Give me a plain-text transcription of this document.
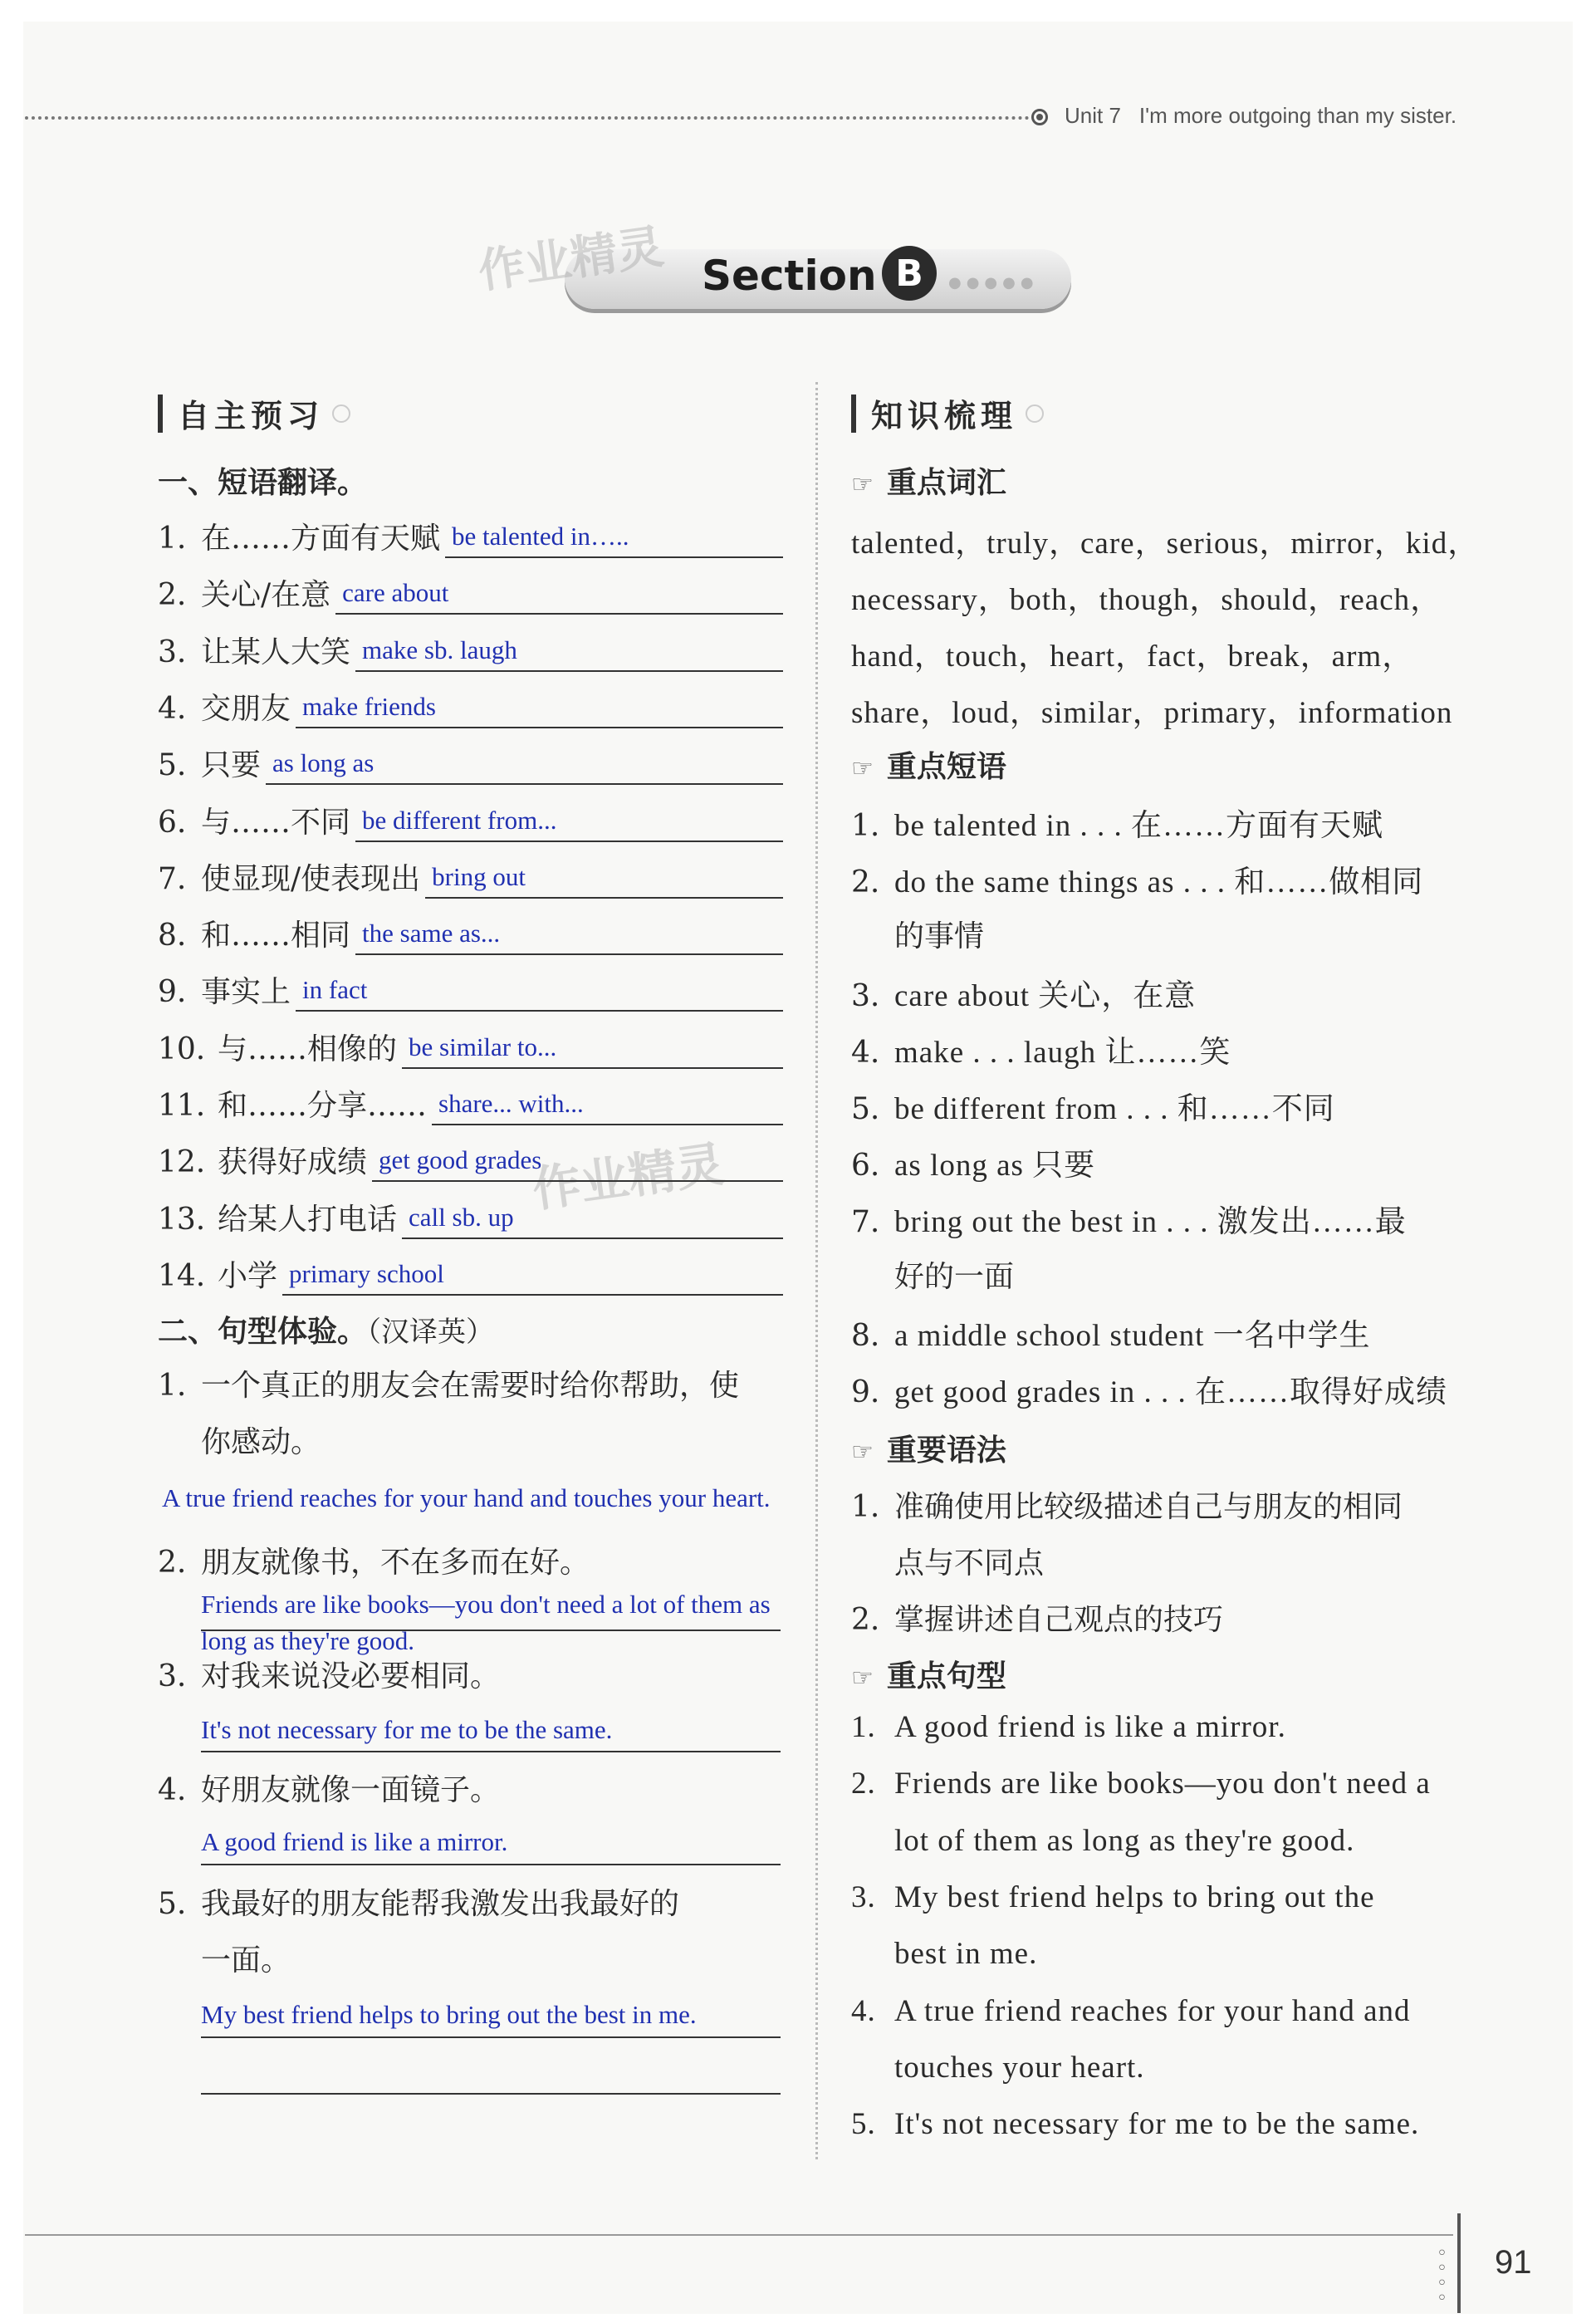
Unit 7 I'm more outgoing than my sister.
Section B	●●●●●
作业精灵
作业精灵
自主预习
一、短语翻译。
1. 在……方面有天赋 be talented in…..
2. 关心/在意 care about
3. 让某人大笑 make sb. laugh
4. 交朋友 make friends
5. 只要 as long as
6. 与……不同 be different from...
7. 使显现/使表现出 bring out
8. 和……相同 the same as...
9. 事实上 in fact
10. 与……相像的 be similar to...
11. 和……分享…… share... with...
12. 获得好成绩 get good grades
13. 给某人打电话 call sb. up
14. 小学 primary school
二、句型体验。（汉译英）
1. 一个真正的朋友会在需要时给你帮助，使
你感动。
A true friend reaches for your hand and touches your heart.
2. 朋友就像书，不在多而在好。
Friends are like books—you don't need a lot of them as
long as they're good.
3. 对我来说没必要相同。
It's not necessary for me to be the same.
4. 好朋友就像一面镜子。
A good friend is like a mirror.
5. 我最好的朋友能帮我激发出我最好的
一面。
My best friend helps to bring out the best in me.
知识梳理
☞ 重点词汇
talented，truly，care，serious，mirror，kid，
necessary，both，though，should，reach，
hand，touch，heart，fact，break，arm，
share，loud，similar，primary，information
☞ 重点短语
1. be talented in . . . 在……方面有天赋
2. do the same things as . . . 和……做相同
的事情
3. care about 关心，在意
4. make . . . laugh 让……笑
5. be different from . . . 和……不同
6. as long as 只要
7. bring out the best in . . . 激发出……最
好的一面
8. a middle school student 一名中学生
9. get good grades in . . . 在……取得好成绩
☞ 重要语法
1. 准确使用比较级描述自己与朋友的相同
点与不同点
2. 掌握讲述自己观点的技巧
☞ 重点句型
1. A good friend is like a mirror.
2. Friends are like books—you don't need a
lot of them as long as they're good.
3. My best friend helps to bring out the
best in me.
4. A true friend reaches for your hand and
touches your heart.
5. It's not necessary for me to be the same.
◦
◦
◦
◦
91
